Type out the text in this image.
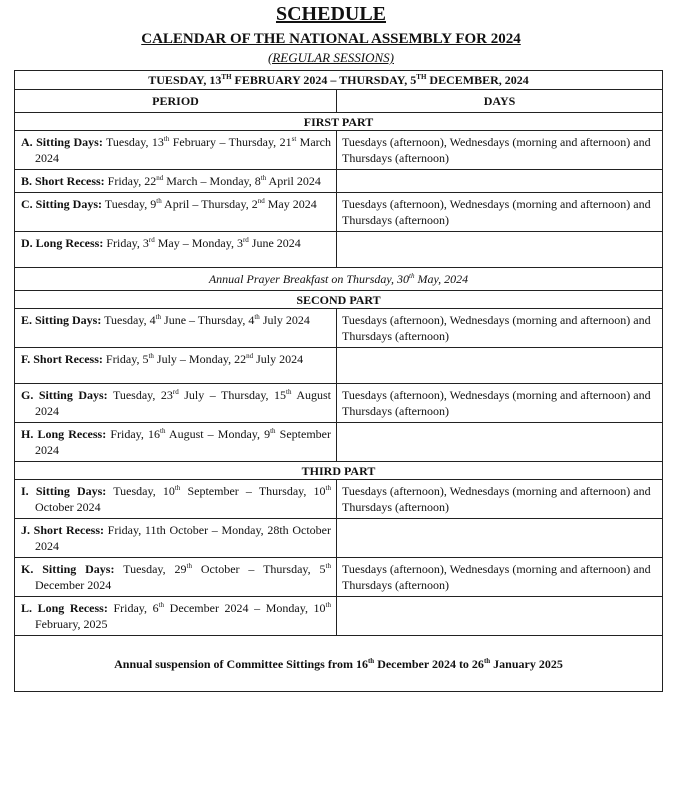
SCHEDULE
CALENDAR OF THE NATIONAL ASSEMBLY FOR 2024
(REGULAR SESSIONS)
TUESDAY, 13TH FEBRUARY 2024 – THURSDAY, 5TH DECEMBER, 2024	
PERIOD	DAYS
FIRST PART	
A. Sitting Days: Tuesday, 13th February – Thursday, 21st March 2024	Tuesdays (afternoon), Wednesdays (morning and afternoon) and Thursdays (afternoon)
B. Short Recess: Friday, 22nd March – Monday, 8th April 2024	
C. Sitting Days: Tuesday, 9th April – Thursday, 2nd May 2024	Tuesdays (afternoon), Wednesdays (morning and afternoon) and Thursdays (afternoon)
D. Long Recess: Friday, 3rd May – Monday, 3rd June 2024	
Annual Prayer Breakfast on Thursday, 30th May, 2024	
SECOND PART	
E. Sitting Days: Tuesday, 4th June – Thursday, 4th July 2024	Tuesdays (afternoon), Wednesdays (morning and afternoon) and Thursdays (afternoon)
F. Short Recess: Friday, 5th July – Monday, 22nd July 2024	
G. Sitting Days: Tuesday, 23rd July – Thursday, 15th August 2024	Tuesdays (afternoon), Wednesdays (morning and afternoon) and Thursdays (afternoon)
H. Long Recess: Friday, 16th August – Monday, 9th September 2024	
THIRD PART	
I. Sitting Days: Tuesday, 10th September – Thursday, 10th October 2024	Tuesdays (afternoon), Wednesdays (morning and afternoon) and Thursdays (afternoon)
J. Short Recess: Friday, 11th October – Monday, 28th October 2024	
K. Sitting Days: Tuesday, 29th October – Thursday, 5th December 2024	Tuesdays (afternoon), Wednesdays (morning and afternoon) and Thursdays (afternoon)
L. Long Recess: Friday, 6th December 2024 – Monday, 10th February, 2025	
Annual suspension of Committee Sittings from 16th December 2024 to 26th January 2025	
